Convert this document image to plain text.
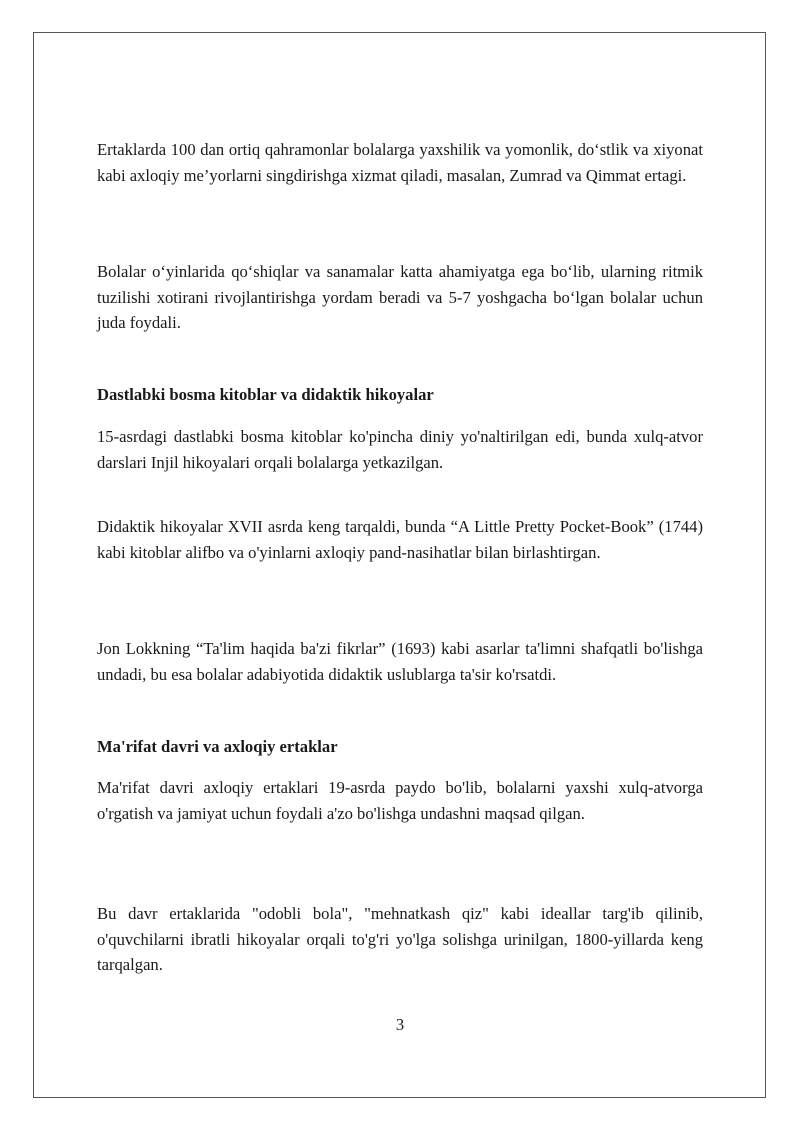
Ertaklarda 100 dan ortiq qahramonlar bolalarga yaxshilik va yomonlik, do‘stlik va xiyonat kabi axloqiy me’yorlarni singdirishga xizmat qiladi, masalan, Zumrad va Qimmat ertagi.

Bolalar o‘yinlarida qo‘shiqlar va sanamalar katta ahamiyatga ega bo‘lib, ularning ritmik tuzilishi xotirani rivojlantirishga yordam beradi va 5-7 yoshgacha bo‘lgan bolalar uchun juda foydali.

Dastlabki bosma kitoblar va didaktik hikoyalar

15-asrdagi dastlabki bosma kitoblar ko'pincha diniy yo'naltirilgan edi, bunda xulq-atvor darslari Injil hikoyalari orqali bolalarga yetkazilgan.

Didaktik hikoyalar XVII asrda keng tarqaldi, bunda “A Little Pretty Pocket-Book” (1744) kabi kitoblar alifbo va o'yinlarni axloqiy pand-nasihatlar bilan birlashtirgan.

Jon Lokkning “Ta'lim haqida ba'zi fikrlar” (1693) kabi asarlar ta'limni shafqatli bo'lishga undadi, bu esa bolalar adabiyotida didaktik uslublarga ta'sir ko'rsatdi.

Ma'rifat davri va axloqiy ertaklar

Ma'rifat davri axloqiy ertaklari 19-asrda paydo bo'lib, bolalarni yaxshi xulq-atvorga o'rgatish va jamiyat uchun foydali a'zo bo'lishga undashni maqsad qilgan.

Bu davr ertaklarida "odobli bola", "mehnatkash qiz" kabi ideallar targ'ib qilinib, o'quvchilarni ibratli hikoyalar orqali to'g'ri yo'lga solishga urinilgan, 1800-yillarda keng tarqalgan.

3
